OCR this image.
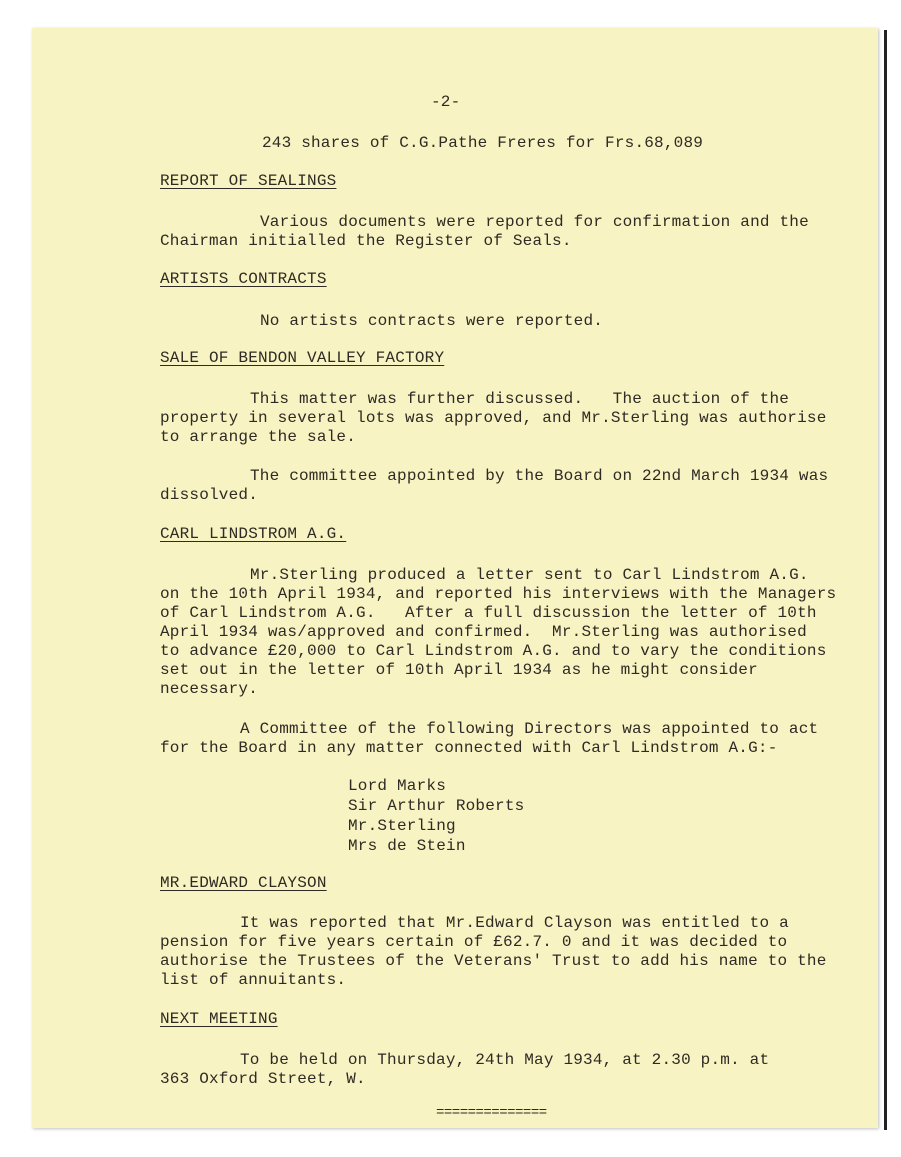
-2-
243 shares of C.G.Pathe Freres for Frs.68,089
REPORT OF SEALINGS
Various documents were reported for confirmation and the
Chairman initialled the Register of Seals.
ARTISTS CONTRACTS
No artists contracts were reported.
SALE OF BENDON VALLEY FACTORY
This matter was further discussed.   The auction of the
property in several lots was approved, and Mr.Sterling was authorise
to arrange the sale.
The committee appointed by the Board on 22nd March 1934 was
dissolved.
CARL LINDSTROM A.G.
Mr.Sterling produced a letter sent to Carl Lindstrom A.G.
on the 10th April 1934, and reported his interviews with the Managers
of Carl Lindstrom A.G.   After a full discussion the letter of 10th
April 1934 was/approved and confirmed.  Mr.Sterling was authorised
to advance £20,000 to Carl Lindstrom A.G. and to vary the conditions
set out in the letter of 10th April 1934 as he might consider
necessary.
A Committee of the following Directors was appointed to act
for the Board in any matter connected with Carl Lindstrom A.G:-
Lord Marks
Sir Arthur Roberts
Mr.Sterling
Mrs de Stein
MR.EDWARD CLAYSON
It was reported that Mr.Edward Clayson was entitled to a
pension for five years certain of £62.7. 0 and it was decided to
authorise the Trustees of the Veterans' Trust to add his name to the
list of annuitants.
NEXT MEETING
To be held on Thursday, 24th May 1934, at 2.30 p.m. at
363 Oxford Street, W.
==============
